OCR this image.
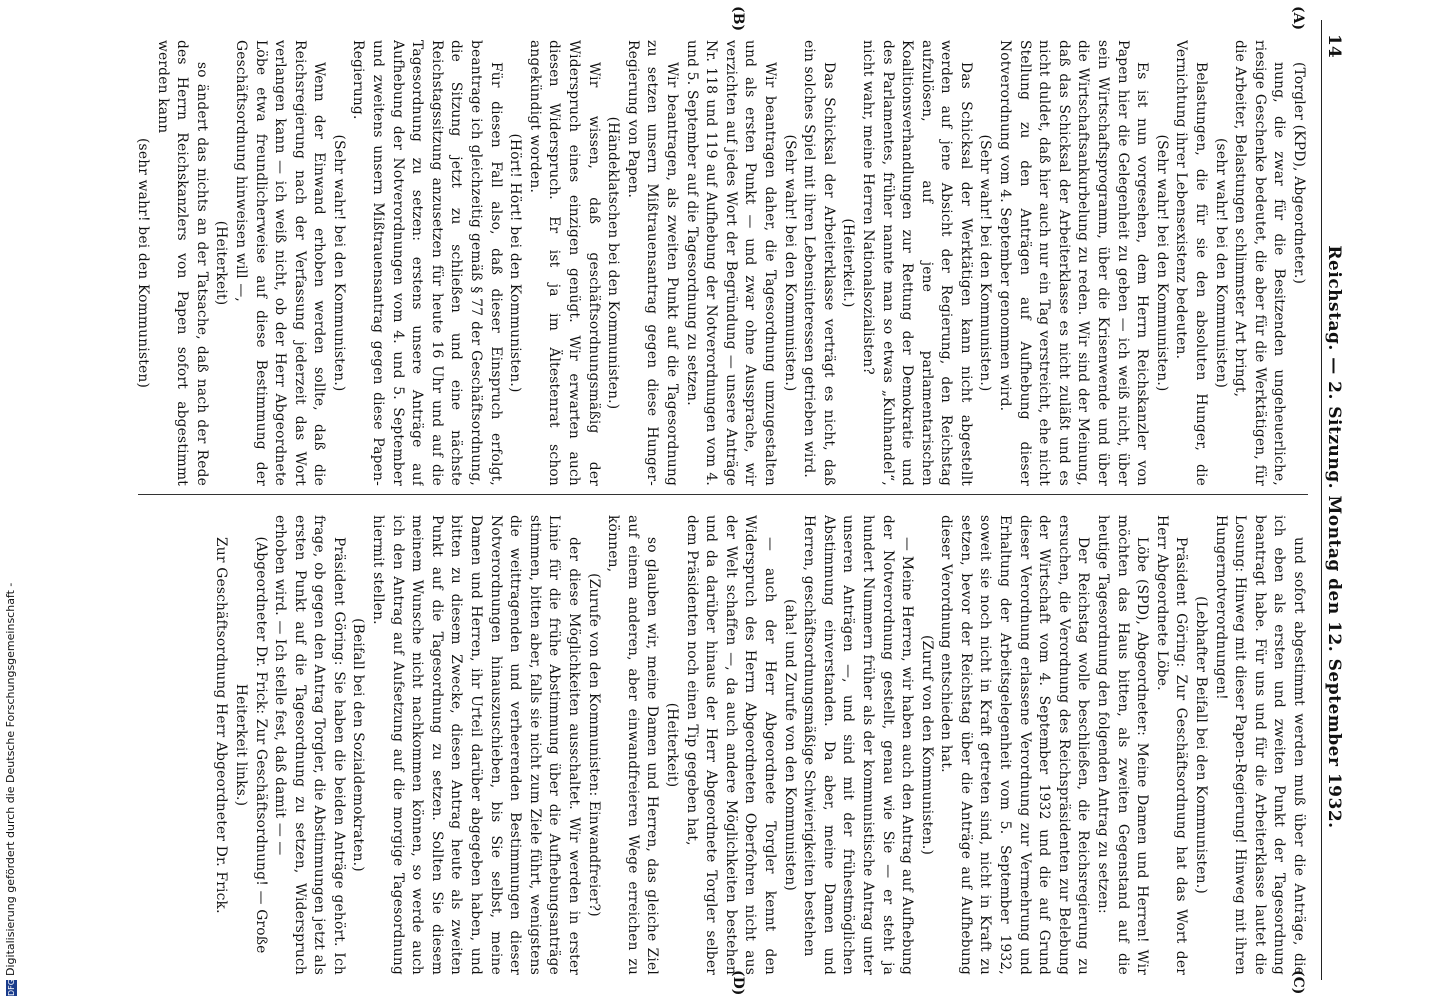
DFGDigitalisierung gefördert durch die Deutsche Forschungsgemeinschaft -
14
Reichstag. — 2. Sitzung. Montag den 12. September 1932.
(A)
(B)
(C)
(D)

(Torgler (KPD), Abgeordneter.)

nung, die zwar für die Besitzenden ungeheuerliche, riesige Geschenke bedeutet, die aber für die Werktätigen, für die Arbeiter, Belastungen schlimmster Art bringt,

(sehr wahr! bei den Kommunisten)

Belastungen, die für sie den absoluten Hunger, die Vernichtung ihrer Lebensexistenz bedeuten.

(Sehr wahr! bei den Kommunisten.)

Es ist nun vorgesehen, dem Herrn Reichskanzler von Papen hier die Gelegenheit zu geben — ich weiß nicht, über sein Wirtschaftsprogramm, über die Krisenwende und über die Wirtschaftsankurbelung zu reden. Wir sind der Meinung, daß das Schicksal der Arbeiterklasse es nicht zuläßt und es nicht duldet, daß hier auch nur ein Tag verstreicht, ehe nicht Stellung zu den Anträgen auf Aufhebung dieser Notverordnung vom 4. September genommen wird.

(Sehr wahr! bei den Kommunisten.)

Das Schicksal der Werktätigen kann nicht abgestellt werden auf jene Absicht der Regierung, den Reichstag aufzulösen, auf jene parlamentarischen Koalitionsverhandlungen zur Rettung der Demokratie und des Parlamentes, früher nannte man so etwas „Kuhhandel“, nicht wahr, meine Herren Nationalsozialisten?

(Heiterkeit.)

Das Schicksal der Arbeiterklasse verträgt es nicht, daß ein solches Spiel mit ihren Lebensinteressen getrieben wird.

(Sehr wahr! bei den Kommunisten.)

Wir beantragen daher, die Tagesordnung umzugestalten und als ersten Punkt — und zwar ohne Aussprache, wir verzichten auf jedes Wort der Begründung — unsere Anträge Nr. 118 und 119 auf Aufhebung der Notverordnungen vom 4. und 5. September auf die Tagesordnung zu setzen.

Wir beantragen, als zweiten Punkt auf die Tagesordnung zu setzen unsern Mißtrauensantrag gegen diese Hunger-Regierung von Papen.

(Händeklatschen bei den Kommunisten.)

Wir wissen, daß geschäftsordnungsmäßig der Widerspruch eines einzigen genügt. Wir erwarten auch diesen Widerspruch. Er ist ja im Ältestenrat schon angekündigt worden.

(Hört! Hört! bei den Kommunisten.)

Für diesen Fall also, daß dieser Einspruch erfolgt, beantrage ich gleichzeitig gemäß § 77 der Geschäftsordnung, die Sitzung jetzt zu schließen und eine nächste Reichstagssitzung anzusetzen für heute 16 Uhr und auf die Tagesordnung zu setzen: erstens unsere Anträge auf Aufhebung der Notverordnungen vom 4. und 5. September und zweitens unsern Mißtrauensantrag gegen diese Papen-Regierung.

(Sehr wahr! bei den Kommunisten.)

Wenn der Einwand erhoben werden sollte, daß die Reichsregierung nach der Verfassung jederzeit das Wort verlangen kann — ich weiß nicht, ob der Herr Abgeordnete Löbe etwa freundlicherweise auf diese Bestimmung der Geschäftsordnung hinweisen will —,

(Heiterkeit)

so ändert das nichts an der Tatsache, daß nach der Rede des Herrn Reichskanzlers von Papen sofort abgestimmt werden kann

(sehr wahr! bei den Kommunisten)

und sofort abgestimmt werden muß über die Anträge, die ich eben als ersten und zweiten Punkt der Tagesordnung beantragt habe. Für uns und für die Arbeiterklasse lautet die Losung: Hinweg mit dieser Papen-Regierung! Hinweg mit ihren Hungernotverordnungen!

(Lebhafter Beifall bei den Kommunisten.)

Präsident Göring: Zur Geschäftsordnung hat das Wort der Herr Abgeordnete Löbe.

Löbe (SPD), Abgeordneter: Meine Damen und Herren! Wir möchten das Haus bitten, als zweiten Gegenstand auf die heutige Tagesordnung den folgenden Antrag zu setzen:

Der Reichstag wolle beschließen, die Reichsregierung zu ersuchen, die Verordnung des Reichspräsidenten zur Belebung der Wirtschaft vom 4. September 1932 und die auf Grund dieser Verordnung erlassene Verordnung zur Vermehrung und Erhaltung der Arbeitsgelegenheit vom 5. September 1932, soweit sie noch nicht in Kraft getreten sind, nicht in Kraft zu setzen, bevor der Reichstag über die Anträge auf Aufhebung dieser Verordnung entschieden hat.

(Zuruf von den Kommunisten.)

— Meine Herren, wir haben auch den Antrag auf Aufhebung der Notverordnung gestellt, genau wie Sie — er steht ja hundert Nummern früher als der kommunistische Antrag unter unseren Anträgen —, und sind mit der frühestmöglichen Abstimmung einverstanden. Da aber, meine Damen und Herren, geschäftsordnungsmäßige Schwierigkeiten bestehen

(aha! und Zurufe von den Kommunisten)

— auch der Herr Abgeordnete Torgler kennt den Widerspruch des Herrn Abgeordneten Oberfohren nicht aus der Welt schaffen —, da auch andere Möglichkeiten bestehen und da darüber hinaus der Herr Abgeordnete Torgler selber dem Präsidenten noch einen Tip gegeben hat,

(Heiterkeit)

so glauben wir, meine Damen und Herren, das gleiche Ziel auf einem anderen, aber einwandfreieren Wege erreichen zu können,

(Zurufe von den Kommunisten: Einwandfreier?)

der diese Möglichkeiten ausschaltet. Wir werden in erster Linie für die frühe Abstimmung über die Aufhebungsanträge stimmen, bitten aber, falls sie nicht zum Ziele führt, wenigstens die weittragenden und verheerenden Bestimmungen dieser Notverordnungen hinauszuschieben, bis Sie selbst, meine Damen und Herren, ihr Urteil darüber abgegeben haben, und bitten zu diesem Zwecke, diesen Antrag heute als zweiten Punkt auf die Tagesordnung zu setzen. Sollten Sie diesem meinem Wunsche nicht nachkommen können, so werde auch ich den Antrag auf Aufsetzung auf die morgige Tagesordnung hiermit stellen.

(Beifall bei den Sozialdemokraten.)

Präsident Göring: Sie haben die beiden Anträge gehört. Ich frage, ob gegen den Antrag Torgler, die Abstimmungen jetzt als ersten Punkt auf die Tagesordnung zu setzen, Widerspruch erhoben wird. — Ich stelle fest, daß damit — —

(Abgeordneter Dr. Frick: Zur Geschäftsordnung! — Große Heiterkeit links.)

Zur Geschäftsordnung Herr Abgeordneter Dr. Frick.
